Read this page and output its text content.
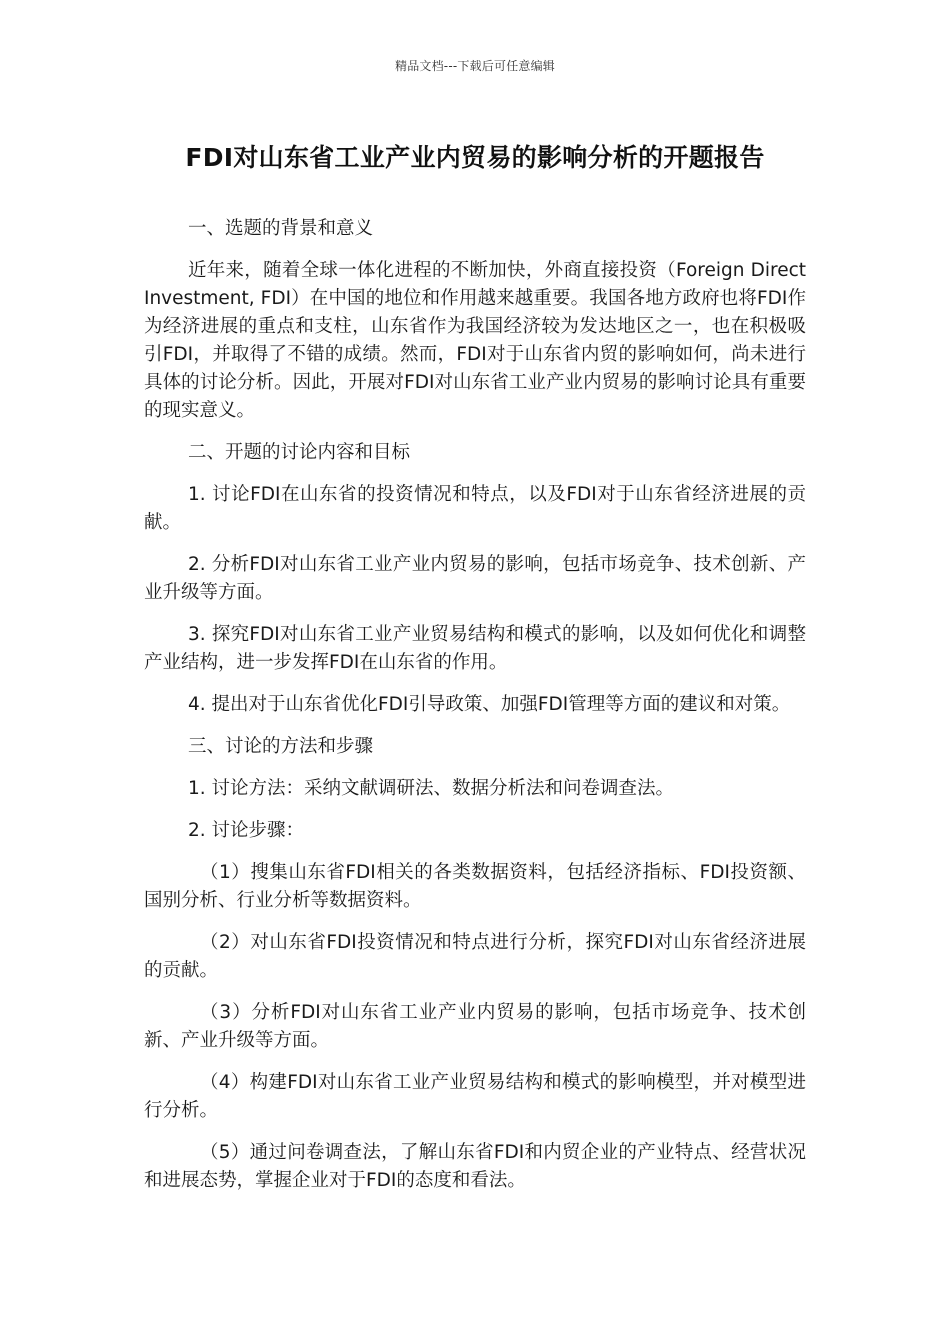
精品文档---下载后可任意编辑
FDI对山东省工业产业内贸易的影响分析的开题报告

一、选题的背景和意义

近年来，随着全球一体化进程的不断加快，外商直接投资（Foreign Direct Investment, FDI）在中国的地位和作用越来越重要。我国各地方政府也将FDI作为经济进展的重点和支柱，山东省作为我国经济较为发达地区之一，也在积极吸引FDI，并取得了不错的成绩。然而，FDI对于山东省内贸的影响如何，尚未进行具体的讨论分析。因此，开展对FDI对山东省工业产业内贸易的影响讨论具有重要的现实意义。

二、开题的讨论内容和目标

1. 讨论FDI在山东省的投资情况和特点，以及FDI对于山东省经济进展的贡献。

2. 分析FDI对山东省工业产业内贸易的影响，包括市场竞争、技术创新、产业升级等方面。

3. 探究FDI对山东省工业产业贸易结构和模式的影响，以及如何优化和调整产业结构，进一步发挥FDI在山东省的作用。

4. 提出对于山东省优化FDI引导政策、加强FDI管理等方面的建议和对策。

三、讨论的方法和步骤

1. 讨论方法：采纳文献调研法、数据分析法和问卷调查法。

2. 讨论步骤：

（1）搜集山东省FDI相关的各类数据资料，包括经济指标、FDI投资额、国别分析、行业分析等数据资料。

（2）对山东省FDI投资情况和特点进行分析，探究FDI对山东省经济进展的贡献。

（3）分析FDI对山东省工业产业内贸易的影响，包括市场竞争、技术创新、产业升级等方面。

（4）构建FDI对山东省工业产业贸易结构和模式的影响模型，并对模型进行分析。

（5）通过问卷调查法，了解山东省FDI和内贸企业的产业特点、经营状况和进展态势，掌握企业对于FDI的态度和看法。
